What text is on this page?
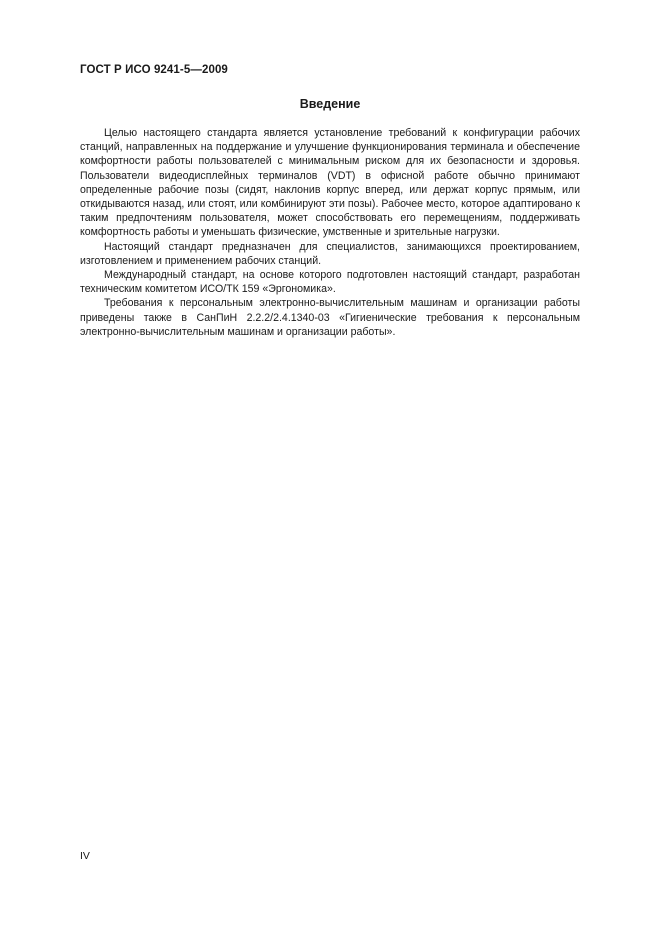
ГОСТ Р ИСО 9241-5—2009
Введение

Целью настоящего стандарта является установление требований к конфигурации рабочих станций, направленных на поддержание и улучшение функционирования терминала и обеспечение комфортности работы пользователей с минимальным риском для их безопасности и здоровья. Пользователи видеодисплейных терминалов (VDT) в офисной работе обычно принимают определенные рабочие позы (сидят, наклонив корпус вперед, или держат корпус прямым, или откидываются назад, или стоят, или комбинируют эти позы). Рабочее место, которое адаптировано к таким предпочтениям пользователя, может способствовать его перемещениям, поддерживать комфортность работы и уменьшать физические, умственные и зрительные нагрузки.

Настоящий стандарт предназначен для специалистов, занимающихся проектированием, изготовлением и применением рабочих станций.

Международный стандарт, на основе которого подготовлен настоящий стандарт, разработан техническим комитетом ИСО/ТК 159 «Эргономика».

Требования к персональным электронно-вычислительным машинам и организации работы приведены также в СанПиН 2.2.2/2.4.1340-03 «Гигиенические требования к персональным электронно-вычислительным машинам и организации работы».

IV
